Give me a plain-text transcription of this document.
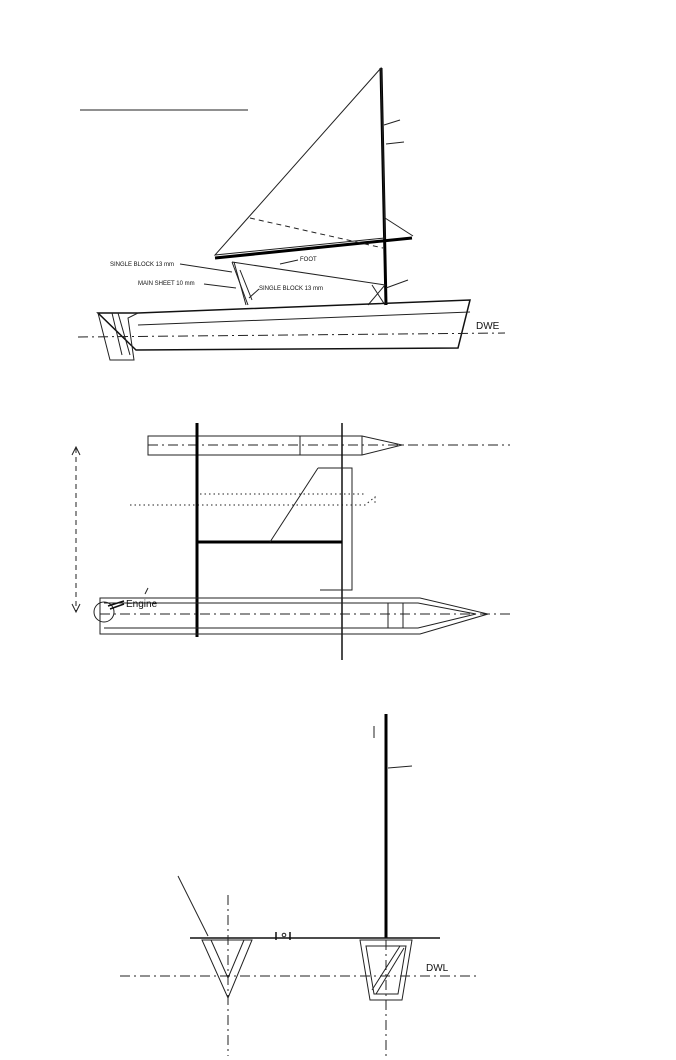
SINGLE BLOCK 13 mm
MAIN SHEET 10 mm
SINGLE BLOCK 13 mm
FOOT
DWE
Engine
DWL
